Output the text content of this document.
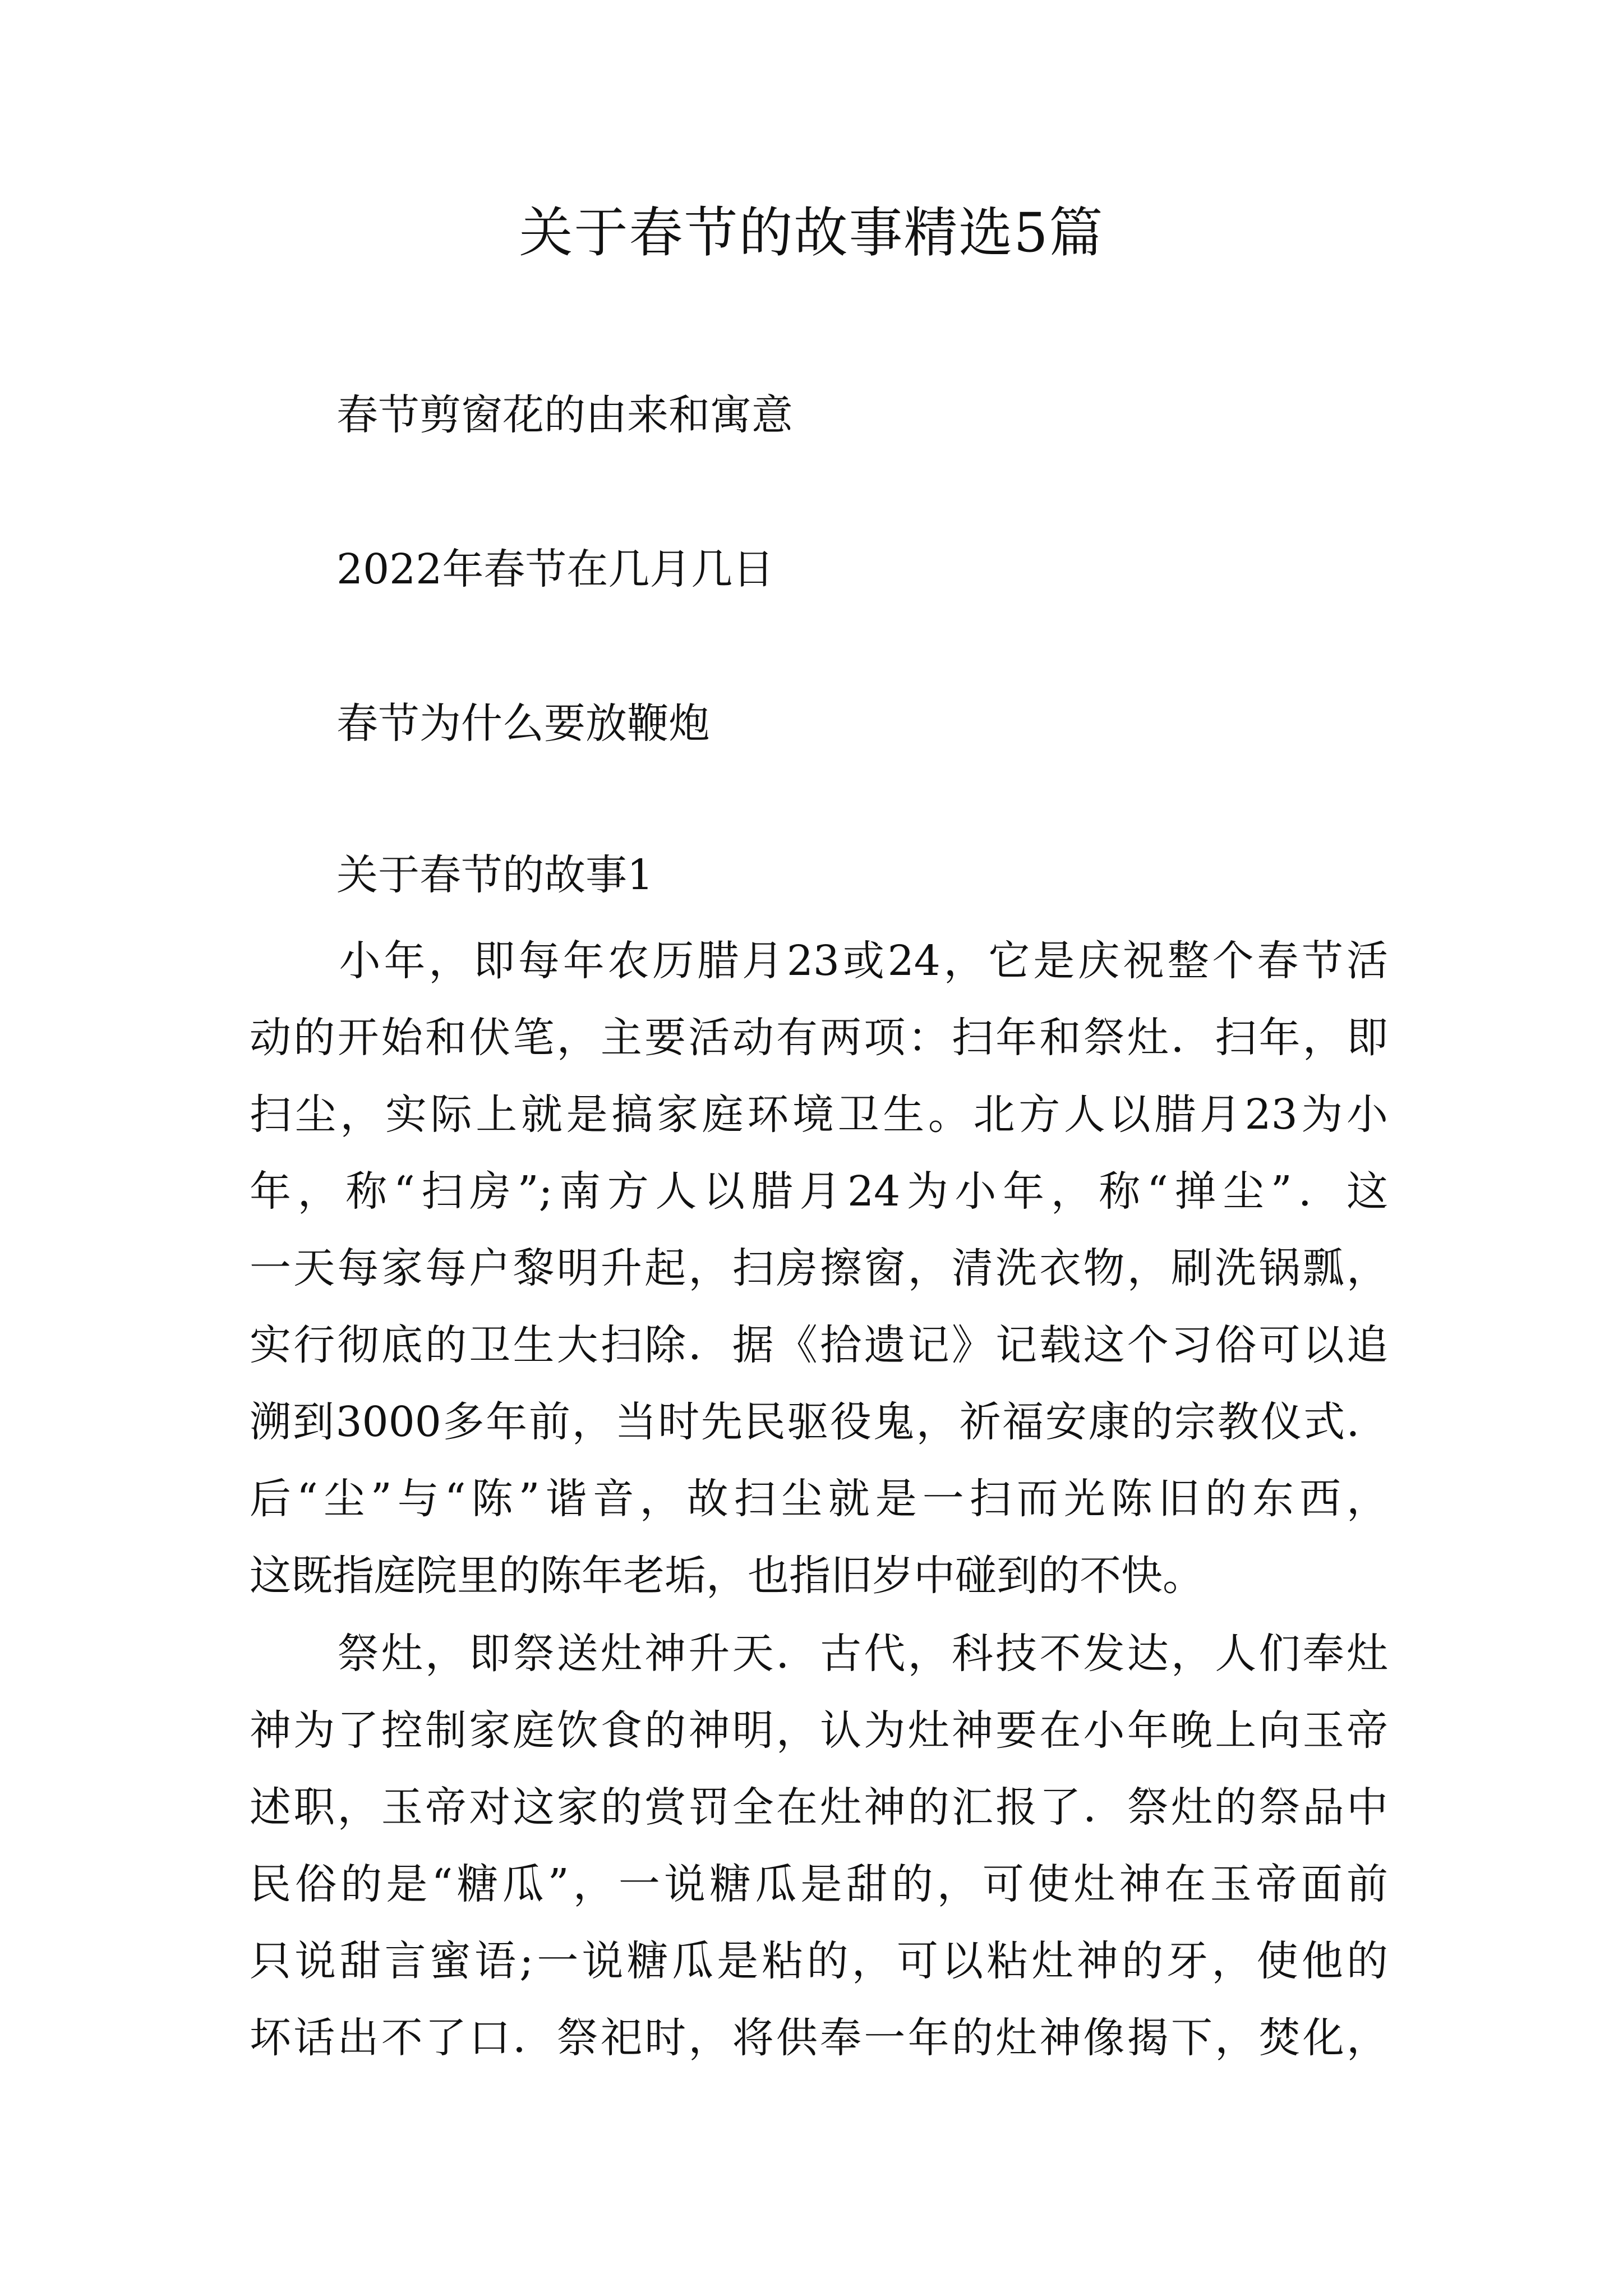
关于春节的故事精选5篇
春节剪窗花的由来和寓意
2022年春节在几月几日
春节为什么要放鞭炮
关于春节的故事1
　　小年，即每年农历腊月23或24，它是庆祝整个春节活
动的开始和伏笔，主要活动有两项：扫年和祭灶．扫年，即
扫尘，实际上就是搞家庭环境卫生。北方人以腊月23为小
年，称“扫房”;南方人以腊月24为小年，称“掸尘”．这
一天每家每户黎明升起，扫房擦窗，清洗衣物，刷洗锅瓢，
实行彻底的卫生大扫除．据《拾遗记》记载这个习俗可以追
溯到3000多年前，当时先民驱役鬼，祈福安康的宗教仪式．
后“尘”与“陈”谐音，故扫尘就是一扫而光陈旧的东西，
这既指庭院里的陈年老垢，也指旧岁中碰到的不快。
　　祭灶，即祭送灶神升天．古代，科技不发达，人们奉灶
神为了控制家庭饮食的神明，认为灶神要在小年晚上向玉帝
述职，玉帝对这家的赏罚全在灶神的汇报了．祭灶的祭品中
民俗的是“糖瓜”，一说糖瓜是甜的，可使灶神在玉帝面前
只说甜言蜜语;一说糖瓜是粘的，可以粘灶神的牙，使他的
坏话出不了口．祭祀时，将供奉一年的灶神像揭下，焚化，
